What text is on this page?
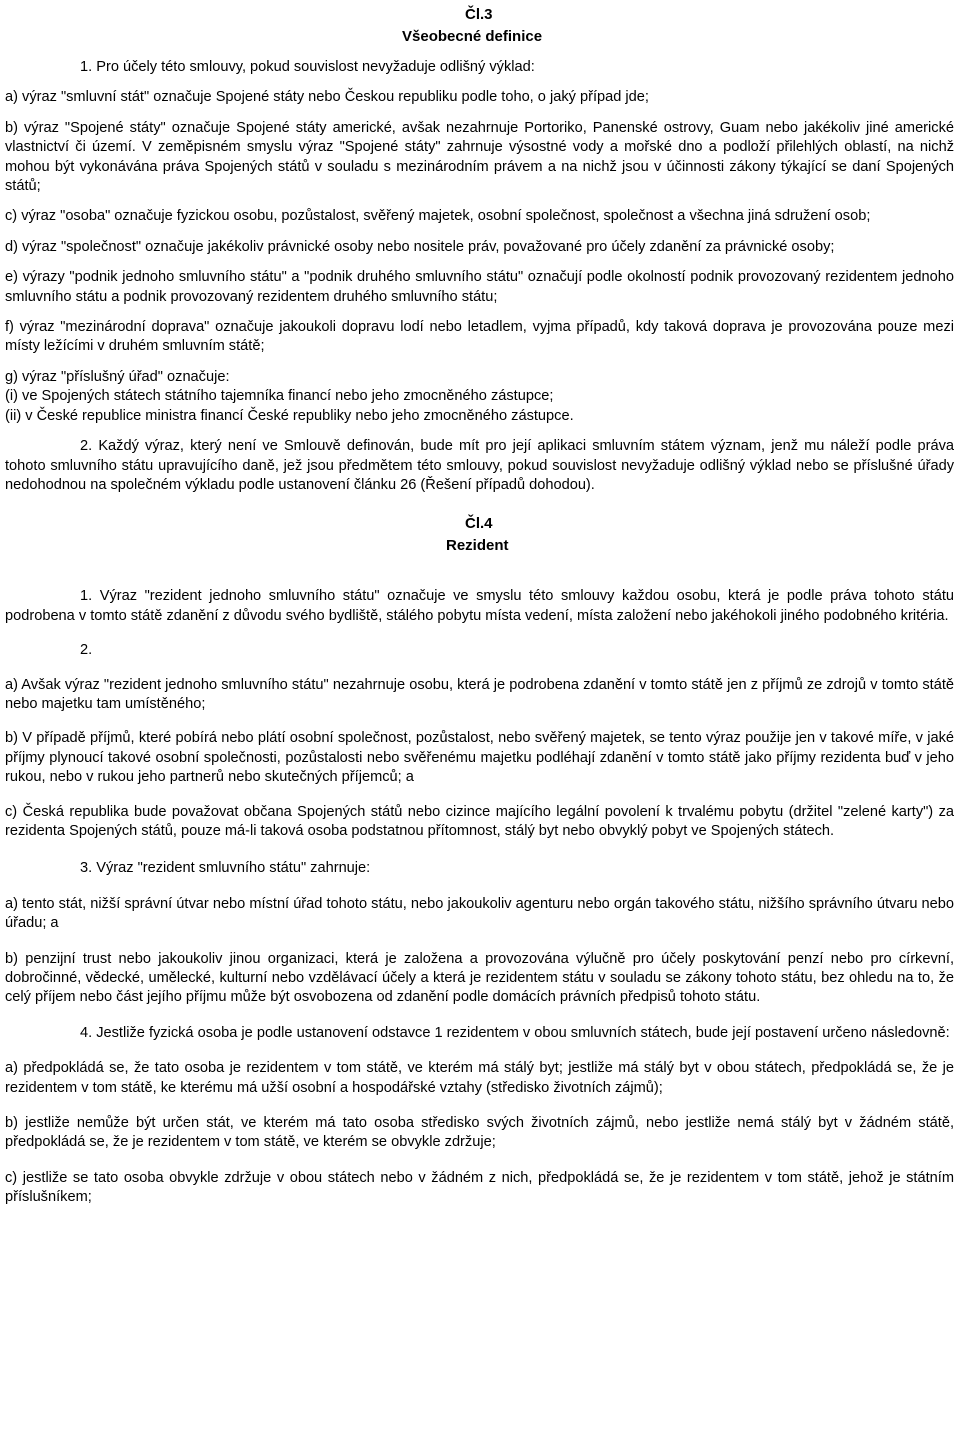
Čl.3
Všeobecné definice

1. Pro účely této smlouvy, pokud souvislost nevyžaduje odlišný výklad:

a) výraz "smluvní stát" označuje Spojené státy nebo Českou republiku podle toho, o jaký případ jde;

b) výraz "Spojené státy" označuje Spojené státy americké, avšak nezahrnuje Portoriko, Panenské ostrovy, Guam nebo jakékoliv jiné americké vlastnictví či území. V zeměpisném smyslu výraz "Spojené státy" zahrnuje výsostné vody a mořské dno a podloží přilehlých oblastí, na nichž mohou být vykonávána práva Spojených států v souladu s mezinárodním právem a na nichž jsou v účinnosti zákony týkající se daní Spojených států;

c) výraz "osoba" označuje fyzickou osobu, pozůstalost, svěřený majetek, osobní společnost, společnost a všechna jiná sdružení osob;

d) výraz "společnost" označuje jakékoliv právnické osoby nebo nositele práv, považované pro účely zdanění za právnické osoby;

e) výrazy "podnik jednoho smluvního státu" a "podnik druhého smluvního státu" označují podle okolností podnik provozovaný rezidentem jednoho smluvního státu a podnik provozovaný rezidentem druhého smluvního státu;

f) výraz "mezinárodní doprava" označuje jakoukoli dopravu lodí nebo letadlem, vyjma případů, kdy taková doprava je provozována pouze mezi místy ležícími v druhém smluvním státě;

g) výraz "příslušný úřad" označuje:
(i) ve Spojených státech státního tajemníka financí nebo jeho zmocněného zástupce;
(ii) v České republice ministra financí České republiky nebo jeho zmocněného zástupce.

2. Každý výraz, který není ve Smlouvě definován, bude mít pro její aplikaci smluvním státem význam, jenž mu náleží podle práva tohoto smluvního státu upravujícího daně, jež jsou předmětem této smlouvy, pokud souvislost nevyžaduje odlišný výklad nebo se příslušné úřady nedohodnou na společném výkladu podle ustanovení článku 26 (Řešení případů dohodou).

Čl.4
Rezident

1. Výraz "rezident jednoho smluvního státu" označuje ve smyslu této smlouvy každou osobu, která je podle práva tohoto státu podrobena v tomto státě zdanění z důvodu svého bydliště, stálého pobytu místa vedení, místa založení nebo jakéhokoli jiného podobného kritéria.

2.

a) Avšak výraz "rezident jednoho smluvního státu" nezahrnuje osobu, která je podrobena zdanění v tomto státě jen z příjmů ze zdrojů v tomto státě nebo majetku tam umístěného;

b) V případě příjmů, které pobírá nebo plátí osobní společnost, pozůstalost, nebo svěřený majetek, se tento výraz použije jen v takové míře, v jaké příjmy plynoucí takové osobní společnosti, pozůstalosti nebo svěřenému majetku podléhají zdanění v tomto státě jako příjmy rezidenta buď v jeho rukou, nebo v rukou jeho partnerů nebo skutečných příjemců; a

c) Česká republika bude považovat občana Spojených států nebo cizince majícího legální povolení k trvalému pobytu (držitel "zelené karty") za rezidenta Spojených států, pouze má-li taková osoba podstatnou přítomnost, stálý byt nebo obvyklý pobyt ve Spojených státech.

3. Výraz "rezident smluvního státu" zahrnuje:

a) tento stát, nižší správní útvar nebo místní úřad tohoto státu, nebo jakoukoliv agenturu nebo orgán takového státu, nižšího správního útvaru nebo úřadu; a

b) penzijní trust nebo jakoukoliv jinou organizaci, která je založena a provozována výlučně pro účely poskytování penzí nebo pro církevní, dobročinné, vědecké, umělecké, kulturní nebo vzdělávací účely a která je rezidentem státu v souladu se zákony tohoto státu, bez ohledu na to, že celý příjem nebo část jejího příjmu může být osvobozena od zdanění podle domácích právních předpisů tohoto státu.

4. Jestliže fyzická osoba je podle ustanovení odstavce 1 rezidentem v obou smluvních státech, bude její postavení určeno následovně:

a) předpokládá se, že tato osoba je rezidentem v tom státě, ve kterém má stálý byt; jestliže má stálý byt v obou státech, předpokládá se, že je rezidentem v tom státě, ke kterému má užší osobní a hospodářské vztahy (středisko životních zájmů);

b) jestliže nemůže být určen stát, ve kterém má tato osoba středisko svých životních zájmů, nebo jestliže nemá stálý byt v žádném státě, předpokládá se, že je rezidentem v tom státě, ve kterém se obvykle zdržuje;

c) jestliže se tato osoba obvykle zdržuje v obou státech nebo v žádném z nich, předpokládá se, že je rezidentem v tom státě, jehož je státním příslušníkem;
